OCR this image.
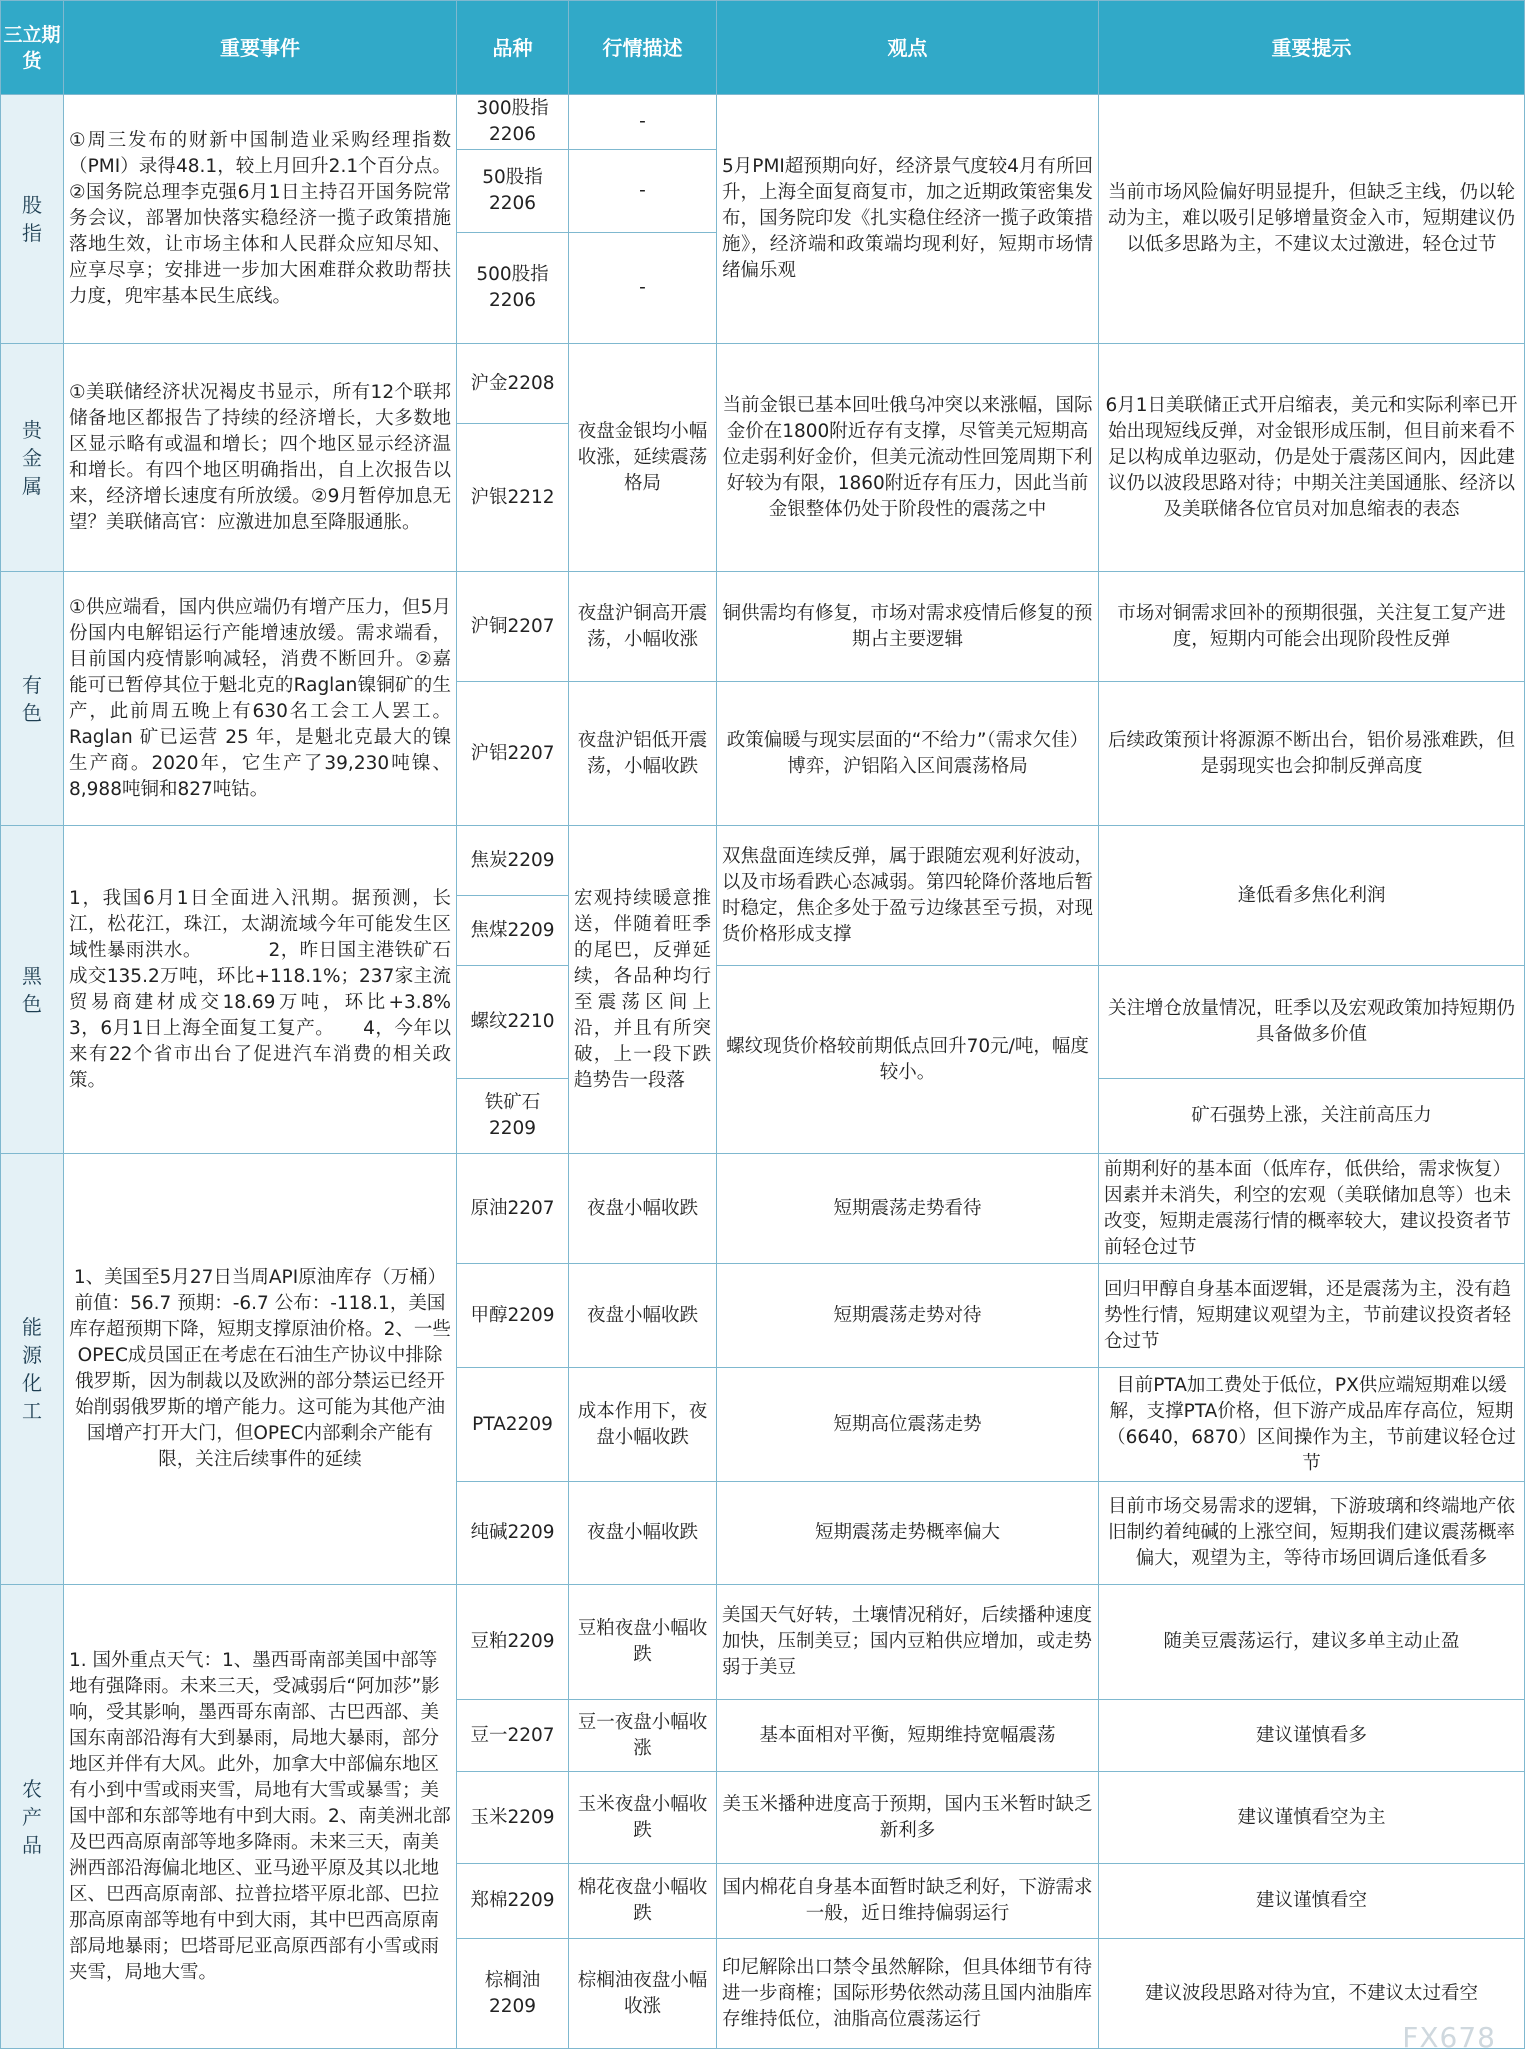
三立期货	重要事件	品种	行情描述	观点	重要提示
股指	①周三发布的财新中国制造业采购经理指数（PMI）录得48.1，较上月回升2.1个百分点。②国务院总理李克强6月1日主持召开国务院常务会议，部署加快落实稳经济一揽子政策措施落地生效，让市场主体和人民群众应知尽知、应享尽享；安排进一步加大困难群众救助帮扶力度，兜牢基本民生底线。	300股指2206	-	5月PMI超预期向好，经济景气度较4月有所回升，上海全面复商复市，加之近期政策密集发布，国务院印发《扎实稳住经济一揽子政策措施》，经济端和政策端均现利好，短期市场情绪偏乐观	当前市场风险偏好明显提升，但缺乏主线，仍以轮动为主，难以吸引足够增量资金入市，短期建议仍以低多思路为主，不建议太过激进，轻仓过节
		50股指2206	-		
		500股指2206	-		
贵金属	①美联储经济状况褐皮书显示，所有12个联邦储备地区都报告了持续的经济增长，大多数地区显示略有或温和增长；四个地区显示经济温和增长。有四个地区明确指出，自上次报告以来，经济增长速度有所放缓。②9月暂停加息无望？美联储高官：应激进加息至降服通胀。	沪金2208	夜盘金银均小幅收涨，延续震荡格局	当前金银已基本回吐俄乌冲突以来涨幅，国际金价在1800附近存有支撑，尽管美元短期高位走弱利好金价，但美元流动性回笼周期下利好较为有限，1860附近存有压力，因此当前金银整体仍处于阶段性的震荡之中	6月1日美联储正式开启缩表，美元和实际利率已开始出现短线反弹，对金银形成压制，但目前来看不足以构成单边驱动，仍是处于震荡区间内，因此建议仍以波段思路对待；中期关注美国通胀、经济以及美联储各位官员对加息缩表的表态
		沪银2212			
有色	①供应端看，国内供应端仍有增产压力，但5月份国内电解铝运行产能增速放缓。需求端看，目前国内疫情影响减轻，消费不断回升。②嘉能可已暂停其位于魁北克的Raglan镍铜矿的生产，此前周五晚上有630名工会工人罢工。Raglan 矿已运营 25 年，是魁北克最大的镍生产商。2020年，它生产了39,230吨镍、8,988吨铜和827吨钴。	沪铜2207	夜盘沪铜高开震荡，小幅收涨	铜供需均有修复，市场对需求疫情后修复的预期占主要逻辑	市场对铜需求回补的预期很强，关注复工复产进度，短期内可能会出现阶段性反弹
		沪铝2207	夜盘沪铝低开震荡，小幅收跌	政策偏暖与现实层面的“不给力”（需求欠佳）博弈，沪铝陷入区间震荡格局	后续政策预计将源源不断出台，铝价易涨难跌，但是弱现实也会抑制反弹高度
黑色	1，我国6月1日全面进入汛期。据预测，长江，松花江，珠江，太湖流域今年可能发生区域性暴雨洪水。　　　　2，昨日国主港铁矿石成交135.2万吨，环比+118.1%；237家主流贸易商建材成交18.69万吨，环比+3.8%　　3，6月1日上海全面复工复产。　　4，今年以来有22个省市出台了促进汽车消费的相关政策。	焦炭2209	宏观持续暖意推送，伴随着旺季的尾巴，反弹延续，各品种均行至震荡区间上沿，并且有所突破，上一段下跌趋势告一段落	双焦盘面连续反弹，属于跟随宏观利好波动，以及市场看跌心态减弱。第四轮降价落地后暂时稳定，焦企多处于盈亏边缘甚至亏损，对现货价格形成支撑	逢低看多焦化利润
		焦煤2209			
		螺纹2210		螺纹现货价格较前期低点回升70元/吨，幅度较小。	关注增仓放量情况，旺季以及宏观政策加持短期仍具备做多价值
		铁矿石2209			矿石强势上涨，关注前高压力
能源化工	1、美国至5月27日当周API原油库存（万桶）前值：56.7 预期：-6.7 公布：-118.1，美国库存超预期下降，短期支撑原油价格。2、一些OPEC成员国正在考虑在石油生产协议中排除俄罗斯，因为制裁以及欧洲的部分禁运已经开始削弱俄罗斯的增产能力。这可能为其他产油国增产打开大门，但OPEC内部剩余产能有限，关注后续事件的延续	原油2207	夜盘小幅收跌	短期震荡走势看待	前期利好的基本面（低库存，低供给，需求恢复）因素并未消失，利空的宏观（美联储加息等）也未改变，短期走震荡行情的概率较大，建议投资者节前轻仓过节
		甲醇2209	夜盘小幅收跌	短期震荡走势对待	回归甲醇自身基本面逻辑，还是震荡为主，没有趋势性行情，短期建议观望为主，节前建议投资者轻仓过节
		PTA2209	成本作用下，夜盘小幅收跌	短期高位震荡走势	目前PTA加工费处于低位，PX供应端短期难以缓解，支撑PTA价格，但下游产成品库存高位，短期（6640，6870）区间操作为主，节前建议轻仓过节
		纯碱2209	夜盘小幅收跌	短期震荡走势概率偏大	目前市场交易需求的逻辑，下游玻璃和终端地产依旧制约着纯碱的上涨空间，短期我们建议震荡概率偏大，观望为主，等待市场回调后逢低看多
农产品	1. 国外重点天气：1、墨西哥南部美国中部等地有强降雨。未来三天，受减弱后“阿加莎”影响，受其影响，墨西哥东南部、古巴西部、美国东南部沿海有大到暴雨，局地大暴雨，部分地区并伴有大风。此外，加拿大中部偏东地区有小到中雪或雨夹雪，局地有大雪或暴雪；美国中部和东部等地有中到大雨。2、南美洲北部及巴西高原南部等地多降雨。未来三天，南美洲西部沿海偏北地区、亚马逊平原及其以北地区、巴西高原南部、拉普拉塔平原北部、巴拉那高原南部等地有中到大雨，其中巴西高原南部局地暴雨；巴塔哥尼亚高原西部有小雪或雨夹雪，局地大雪。	豆粕2209	豆粕夜盘小幅收跌	美国天气好转，土壤情况稍好，后续播种速度加快，压制美豆；国内豆粕供应增加，或走势弱于美豆	随美豆震荡运行，建议多单主动止盈
		豆一2207	豆一夜盘小幅收涨	基本面相对平衡，短期维持宽幅震荡	建议谨慎看多
		玉米2209	玉米夜盘小幅收跌	美玉米播种进度高于预期，国内玉米暂时缺乏新利多	建议谨慎看空为主
		郑棉2209	棉花夜盘小幅收跌	国内棉花自身基本面暂时缺乏利好，下游需求一般，近日维持偏弱运行	建议谨慎看空
		棕榈油2209	棕榈油夜盘小幅收涨	印尼解除出口禁令虽然解除，但具体细节有待进一步商榷；国际形势依然动荡且国内油脂库存维持低位，油脂高位震荡运行	建议波段思路对待为宜，不建议太过看空
FX678
